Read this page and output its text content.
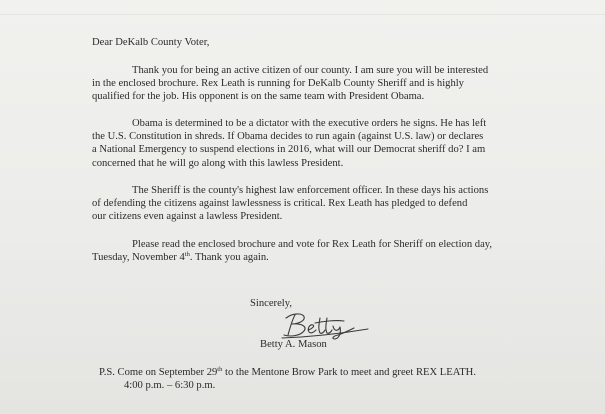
Dear DeKalb County Voter,

Thank you for being an active citizen of our county. I am sure you will be interested
in the enclosed brochure. Rex Leath is running for DeKalb County Sheriff and is highly
qualified for the job. His opponent is on the same team with President Obama.

Obama is determined to be a dictator with the executive orders he signs. He has left
the U.S. Constitution in shreds. If Obama decides to run again (against U.S. law) or declares
a National Emergency to suspend elections in 2016, what will our Democrat sheriff do? I am
concerned that he will go along with this lawless President.

The Sheriff is the county's highest law enforcement officer. In these days his actions
of defending the citizens against lawlessness is critical. Rex Leath has pledged to defend
our citizens even against a lawless President.

Please read the enclosed brochure and vote for Rex Leath for Sheriff on election day,
Tuesday, November 4th. Thank you again.

Sincerely,
Betty A. Mason
P.S. Come on September 29th to the Mentone Brow Park to meet and greet REX LEATH.
4:00 p.m. – 6:30 p.m.
